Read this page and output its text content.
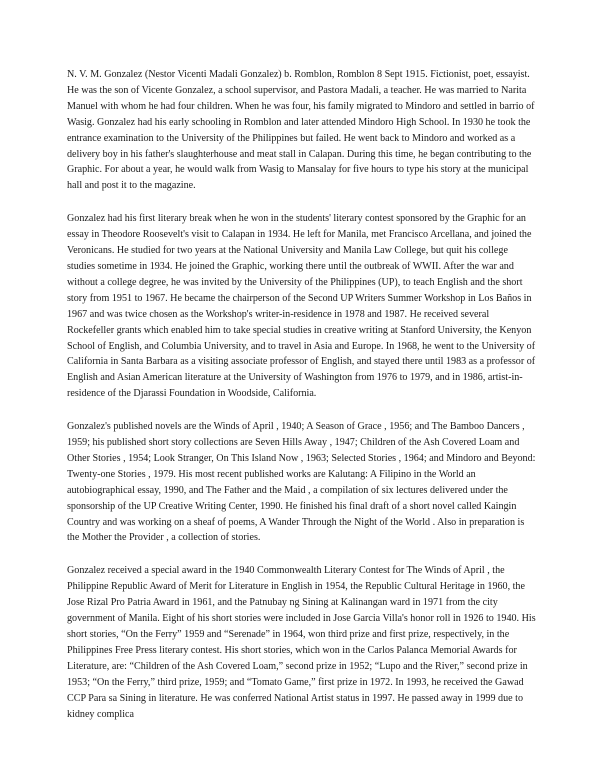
N. V. M. Gonzalez (Nestor Vicenti Madali Gonzalez) b. Romblon, Romblon 8 Sept 1915. Fictionist, poet, essayist. He was the son of Vicente Gonzalez, a school supervisor, and Pastora Madali, a teacher. He was married to Narita Manuel with whom he had four children. When he was four, his family migrated to Mindoro and settled in barrio of Wasig. Gonzalez had his early schooling in Romblon and later attended Mindoro High School. In 1930 he took the entrance examination to the University of the Philippines but failed. He went back to Mindoro and worked as a delivery boy in his father's slaughterhouse and meat stall in Calapan. During this time, he began contributing to the Graphic. For about a year, he would walk from Wasig to Mansalay for five hours to type his story at the municipal hall and post it to the magazine.

Gonzalez had his first literary break when he won in the students' literary contest sponsored by the Graphic for an essay in Theodore Roosevelt's visit to Calapan in 1934. He left for Manila, met Francisco Arcellana, and joined the Veronicans. He studied for two years at the National University and Manila Law College, but quit his college studies sometime in 1934. He joined the Graphic, working there until the outbreak of WWII. After the war and without a college degree, he was invited by the University of the Philippines (UP), to teach English and the short story from 1951 to 1967. He became the chairperson of the Second UP Writers Summer Workshop in Los Baños in 1967 and was twice chosen as the Workshop's writer-in-residence in 1978 and 1987. He received several Rockefeller grants which enabled him to take special studies in creative writing at Stanford University, the Kenyon School of English, and Columbia University, and to travel in Asia and Europe. In 1968, he went to the University of California in Santa Barbara as a visiting associate professor of English, and stayed there until 1983 as a professor of English and Asian American literature at the University of Washington from 1976 to 1979, and in 1986, artist-in-residence of the Djarassi Foundation in Woodside, California.

Gonzalez's published novels are the Winds of April , 1940; A Season of Grace , 1956; and The Bamboo Dancers , 1959; his published short story collections are Seven Hills Away , 1947; Children of the Ash Covered Loam and Other Stories , 1954; Look Stranger, On This Island Now , 1963; Selected Stories , 1964; and Mindoro and Beyond: Twenty-one Stories , 1979. His most recent published works are Kalutang: A Filipino in the World an autobiographical essay, 1990, and The Father and the Maid , a compilation of six lectures delivered under the sponsorship of the UP Creative Writing Center, 1990. He finished his final draft of a short novel called Kaingin Country and was working on a sheaf of poems, A Wander Through the Night of the World . Also in preparation is the Mother the Provider , a collection of stories.

Gonzalez received a special award in the 1940 Commonwealth Literary Contest for The Winds of April , the Philippine Republic Award of Merit for Literature in English in 1954, the Republic Cultural Heritage in 1960, the Jose Rizal Pro Patria Award in 1961, and the Patnubay ng Sining at Kalinangan ward in 1971 from the city government of Manila. Eight of his short stories were included in Jose Garcia Villa's honor roll in 1926 to 1940. His short stories, “On the Ferry” 1959 and “Serenade” in 1964, won third prize and first prize, respectively, in the Philippines Free Press literary contest. His short stories, which won in the Carlos Palanca Memorial Awards for Literature, are: “Children of the Ash Covered Loam,” second prize in 1952; “Lupo and the River,” second prize in 1953; “On the Ferry,” third prize, 1959; and “Tomato Game,” first prize in 1972. In 1993, he received the Gawad CCP Para sa Sining in literature. He was conferred National Artist status in 1997. He passed away in 1999 due to kidney complica
